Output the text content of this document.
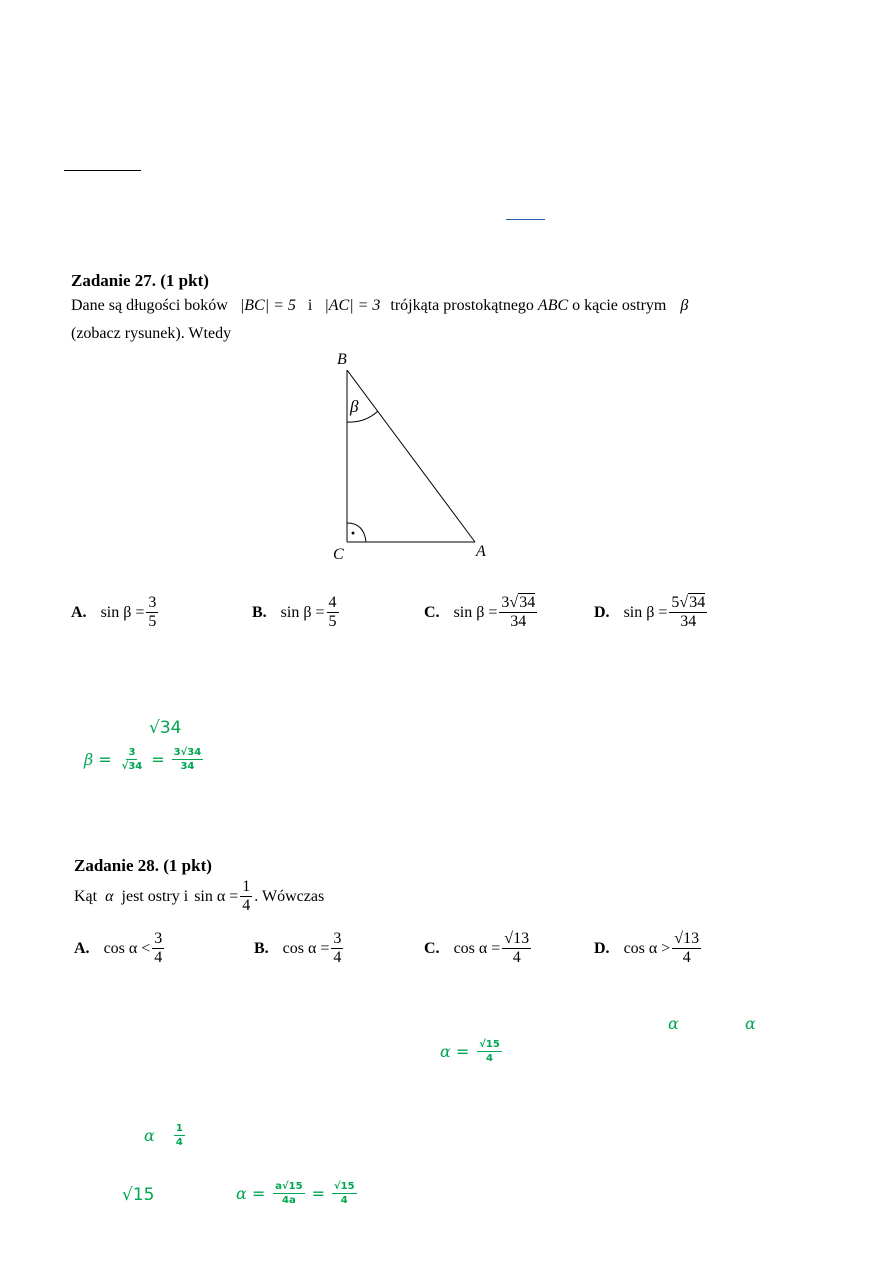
Zadanie 27. (1 pkt)
Dane są długości boków |BC| = 5 i |AC| = 3 trójkąta prostokątnego ABC o kącie ostrym β
(zobacz rysunek). Wtedy
B
C	A
β
·
A. $\sin \beta = \frac{3}{5}$	B. $\sin \beta = \frac{4}{5}$	C. $\sin \beta = \frac{3√34}{34}$	D. $\sin \beta = \frac{5√34}{34}$
√34
$\beta = \frac{3}{√34} = \frac{3√34}{34}$
Zadanie 28. (1 pkt)
Kąt α jest ostry i $\sin \alpha = \frac{1}{4}$ . Wówczas
A. $\cos \alpha < \frac{3}{4}$	B. $\cos \alpha = \frac{3}{4}$	C. $\cos \alpha = \frac{√13}{4}$	D. $\cos \alpha > \frac{√13}{4}$
α	α
$\alpha = \frac{√15}{4}$
α $\frac{1}{4}$
√15	$\alpha = \frac{a√15}{4a} = \frac{√15}{4}$
